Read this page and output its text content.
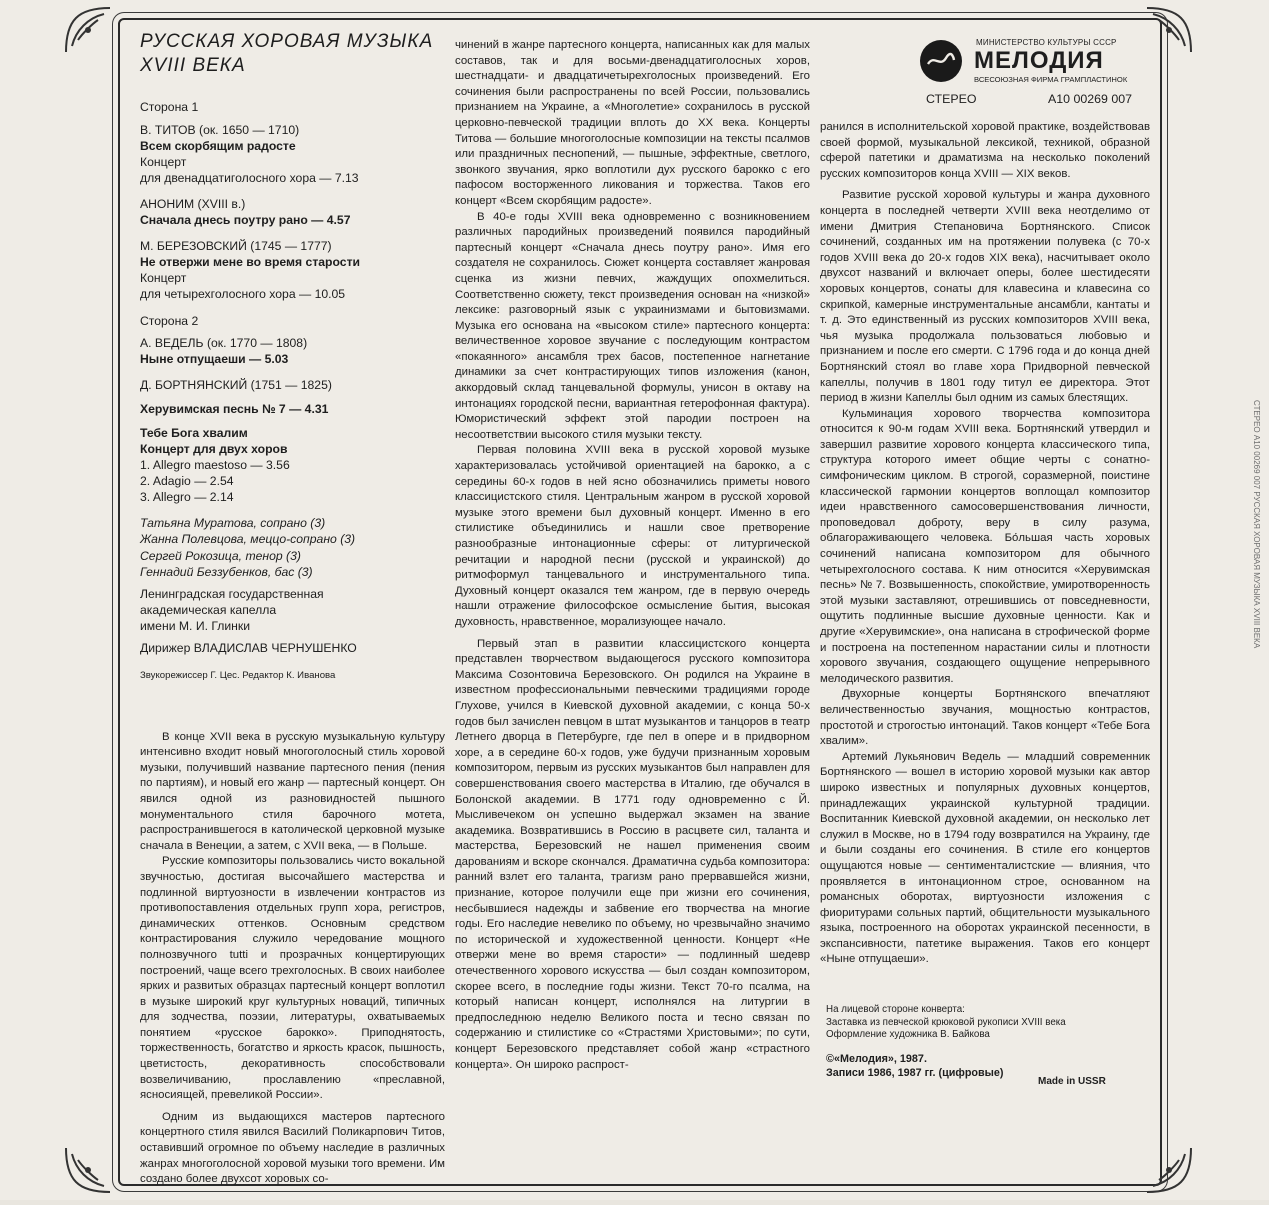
РУССКАЯ ХОРОВАЯ МУЗЫКА
XVIII ВЕКА
Сторона 1

В. ТИТОВ (ок. 1650 — 1710)

Всем скорбящим радосте

Концерт

для двенадцатиголосного хора — 7.13

АНОНИМ (XVIII в.)

Сначала днесь поутру рано — 4.57

М. БЕРЕЗОВСКИЙ (1745 — 1777)

Не отвержи мене во время старости

Концерт

для четырехголосного хора — 10.05

Сторона 2

А. ВЕДЕЛЬ (ок. 1770 — 1808)

Ныне отпущаеши — 5.03

Д. БОРТНЯНСКИЙ (1751 — 1825)

Херувимская песнь № 7 — 4.31

Тебе Бога хвалим

Концерт для двух хоров

1. Allegro maestoso — 3.56

2. Adagio — 2.54

3. Allegro — 2.14

Татьяна Муратова, сопрано (3)
Жанна Полевцова, меццо-сопрано (3)
Сергей Рокозица, тенор (3)
Геннадий Беззубенков, бас (3)
Ленинградская государственная
академическая капелла
имени М. И. Глинки
Дирижер ВЛАДИСЛАВ ЧЕРНУШЕНКО
Звукорежиссер Г. Цес. Редактор К. Иванова

В конце XVII века в русскую музыкальную культуру интенсивно входит новый многоголосный стиль хоровой музыки, получивший название партесного пения (пения по партиям), и новый его жанр — партесный концерт. Он явился одной из разновидностей пышного монументального стиля барочного мотета, распространившегося в католической церковной музыке сначала в Венеции, а затем, с XVII века, — в Польше.

Русские композиторы пользовались чисто вокальной звучностью, достигая высочайшего мастерства и подлинной виртуозности в извлечении контрастов из противопоставления отдельных групп хора, регистров, динамических оттенков. Основным средством контрастирования служило чередование мощного полнозвучного tutti и прозрачных концертирующих построений, чаще всего трехголосных. В своих наиболее ярких и развитых образцах партесный концерт воплотил в музыке широкий круг культурных новаций, типичных для зодчества, поэзии, литературы, охватываемых понятием «русское барокко». Приподнятость, торжественность, богатство и яркость красок, пышность, цветистость, декоративность способствовали возвеличиванию, прославлению «преславной, ясносиящей, превеликой России».

Одним из выдающихся мастеров партесного концертного стиля явился Василий Поликарпович Титов, оставивший огромное по объему наследие в различных жанрах многоголосной хоровой музыки того времени. Им создано более двухсот хоровых со-

чинений в жанре партесного концерта, написанных как для малых составов, так и для восьми-двенадцатиголосных хоров, шестнадцати- и двадцатичетырехголосных произведений. Его сочинения были распространены по всей России, пользовались признанием на Украине, а «Многолетие» сохранилось в русской церковно-певческой традиции вплоть до XX века. Концерты Титова — большие многоголосные композиции на тексты псалмов или праздничных песнопений, — пышные, эффектные, светлого, звонкого звучания, ярко воплотили дух русского барокко с его пафосом восторженного ликования и торжества. Таков его концерт «Всем скорбящим радосте».

В 40-е годы XVIII века одновременно с возникновением различных пародийных произведений появился пародийный партесный концерт «Сначала днесь поутру рано». Имя его создателя не сохранилось. Сюжет концерта составляет жанровая сценка из жизни певчих, жаждущих опохмелиться. Соответственно сюжету, текст произведения основан на «низкой» лексике: разговорный язык с украинизмами и бытовизмами. Музыка его основана на «высоком стиле» партесного концерта: величественное хоровое звучание с последующим контрастом «покаянного» ансамбля трех басов, постепенное нагнетание динамики за счет контрастирующих типов изложения (канон, аккордовый склад танцевальной формулы, унисон в октаву на интонациях городской песни, вариантная гетерофонная фактура). Юмористический эффект этой пародии построен на несоответствии высокого стиля музыки тексту.

Первая половина XVIII века в русской хоровой музыке характеризовалась устойчивой ориентацией на барокко, а с середины 60-х годов в ней ясно обозначились приметы нового классицистского стиля. Центральным жанром в русской хоровой музыке этого времени был духовный концерт. Именно в его стилистике объединились и нашли свое претворение разнообразные интонационные сферы: от литургической речитации и народной песни (русской и украинской) до ритмоформул танцевального и инструментального типа. Духовный концерт оказался тем жанром, где в первую очередь нашли отражение философское осмысление бытия, высокая духовность, нравственное, морализующее начало.

Первый этап в развитии классицистского концерта представлен творчеством выдающегося русского композитора Максима Созонтовича Березовского. Он родился на Украине в известном профессиональными певческими традициями городе Глухове, учился в Киевской духовной академии, с конца 50-х годов был зачислен певцом в штат музыкантов и танцоров в театр Летнего дворца в Петербурге, где пел в опере и в придворном хоре, а в середине 60-х годов, уже будучи признанным хоровым композитором, первым из русских музыкантов был направлен для совершенствования своего мастерства в Италию, где обучался в Болонской академии. В 1771 году одновременно с Й. Мысливечеком он успешно выдержал экзамен на звание академика. Возвратившись в Россию в расцвете сил, таланта и мастерства, Березовский не нашел применения своим дарованиям и вскоре скончался. Драматична судьба композитора: ранний взлет его таланта, трагизм рано прервавшейся жизни, признание, которое получили еще при жизни его сочинения, несбывшиеся надежды и забвение его творчества на многие годы. Его наследие невелико по объему, но чрезвычайно значимо по исторической и художественной ценности. Концерт «Не отвержи мене во время старости» — подлинный шедевр отечественного хорового искусства — был создан композитором, скорее всего, в последние годы жизни. Текст 70-го псалма, на который написан концерт, исполнялся на литургии в предпоследнюю неделю Великого поста и тесно связан по содержанию и стилистике со «Страстями Христовыми»; по сути, концерт Березовского представляет собой жанр «страстного концерта». Он широко распрост-

МИНИСТЕРСТВО КУЛЬТУРЫ СССР
МЕЛОДИЯ
ВСЕСОЮЗНАЯ ФИРМА ГРАМПЛАСТИНОК
СТЕРЕО	А10 00269 007

ранился в исполнительской хоровой практике, воздействовав своей формой, музыкальной лексикой, техникой, образной сферой патетики и драматизма на несколько поколений русских композиторов конца XVIII — XIX веков.

Развитие русской хоровой культуры и жанра духовного концерта в последней четверти XVIII века неотделимо от имени Дмитрия Степановича Бортнянского. Список сочинений, созданных им на протяжении полувека (с 70-х годов XVIII века до 20-х годов XIX века), насчитывает около двухсот названий и включает оперы, более шестидесяти хоровых концертов, сонаты для клавесина и клавесина со скрипкой, камерные инструментальные ансамбли, кантаты и т. д. Это единственный из русских композиторов XVIII века, чья музыка продолжала пользоваться любовью и признанием и после его смерти. С 1796 года и до конца дней Бортнянский стоял во главе хора Придворной певческой капеллы, получив в 1801 году титул ее директора. Этот период в жизни Капеллы был одним из самых блестящих.

Кульминация хорового творчества композитора относится к 90-м годам XVIII века. Бортнянский утвердил и завершил развитие хорового концерта классического типа, структура которого имеет общие черты с сонатно-симфоническим циклом. В строгой, соразмерной, поистине классической гармонии концертов воплощал композитор идеи нравственного самосовершенствования личности, проповедовал доброту, веру в силу разума, облагораживающего человека. Бо́льшая часть хоровых сочинений написана композитором для обычного четырехголосного состава. К ним относится «Херувимская песнь» № 7. Возвышенность, спокойствие, умиротворенность этой музыки заставляют, отрешившись от повседневности, ощутить подлинные высшие духовные ценности. Как и другие «Херувимские», она написана в строфической форме и построена на постепенном нарастании силы и плотности хорового звучания, создающего ощущение непрерывного мелодического развития.

Двухорные концерты Бортнянского впечатляют величественностью звучания, мощностью контрастов, простотой и строгостью интонаций. Таков концерт «Тебе Бога хвалим».

Артемий Лукьянович Ведель — младший современник Бортнянского — вошел в историю хоровой музыки как автор широко известных и популярных духовных концертов, принадлежащих украинской культурной традиции. Воспитанник Киевской духовной академии, он несколько лет служил в Москве, но в 1794 году возвратился на Украину, где и были созданы его сочинения. В стиле его концертов ощущаются новые — сентименталистские — влияния, что проявляется в интонационном строе, основанном на романсных оборотах, виртуозности изложения с фиоритурами сольных партий, общительности музыкального языка, построенного на оборотах украинской песенности, в экспансивности, патетике выражения. Таков его концерт «Ныне отпущаеши».

На лицевой стороне конверта:
Заставка из певческой крюковой рукописи XVIII века
Оформление художника В. Байкова
©«Мелодия», 1987.
Записи 1986, 1987 гг. (цифровые)
Made in USSR
СТЕРЕО А10 00269 007 РУССКАЯ ХОРОВАЯ МУЗЫКА XVIII ВЕКА
